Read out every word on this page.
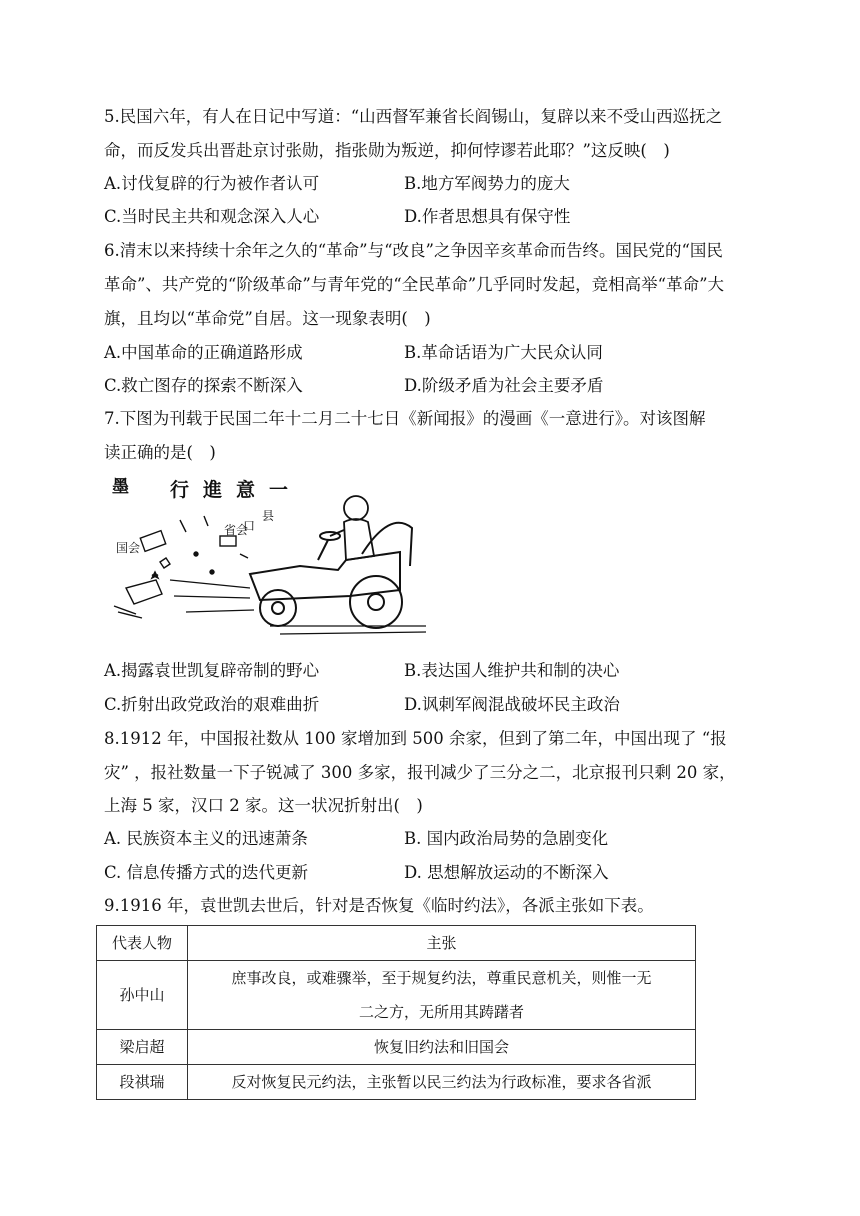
5.民国六年，有人在日记中写道：“山西督军兼省长阎锡山，复辟以来不受山西巡抚之
命，而反发兵出晋赴京讨张勋，指张勋为叛逆，抑何悖谬若此耶？”这反映(　)
A.讨伐复辟的行为被作者认可	B.地方军阀势力的庞大
C.当时民主共和观念深入人心	D.作者思想具有保守性
6.清末以来持续十余年之久的“革命”与“改良”之争因辛亥革命而告终。国民党的“国民
革命”、共产党的“阶级革命”与青年党的“全民革命”几乎同时发起，竞相高举“革命”大
旗，且均以“革命党”自居。这一现象表明(　)
A.中国革命的正确道路形成	B.革命话语为广大民众认同
C.救亡图存的探索不断深入	D.阶级矛盾为社会主要矛盾
7.下图为刊载于民国二年十二月二十七日《新闻报》的漫画《一意进行》。对该图解
读正确的是(　)
墨 行進意一
省会
国会
县
口
A.揭露袁世凯复辟帝制的野心	B.表达国人维护共和制的决心
C.折射出政党政治的艰难曲折	D.讽刺军阀混战破坏民主政治
8.1912 年，中国报社数从 100 家增加到 500 余家，但到了第二年，中国出现了 “报
灾” ，报社数量一下子锐减了 300 多家，报刊减少了三分之二，北京报刊只剩 20 家，
上海 5 家，汉口 2 家。这一状况折射出(　)
A. 民族资本主义的迅速萧条	B. 国内政治局势的急剧变化
C. 信息传播方式的迭代更新	D. 思想解放运动的不断深入
9.1916 年，袁世凯去世后，针对是否恢复《临时约法》，各派主张如下表。
代表人物	主张
孙中山	庶事改良，或难骤举，至于规复约法，尊重民意机关，则惟一无
二之方，无所用其踌躇者

梁启超	恢复旧约法和旧国会
段祺瑞	反对恢复民元约法，主张暂以民三约法为行政标准，要求各省派
